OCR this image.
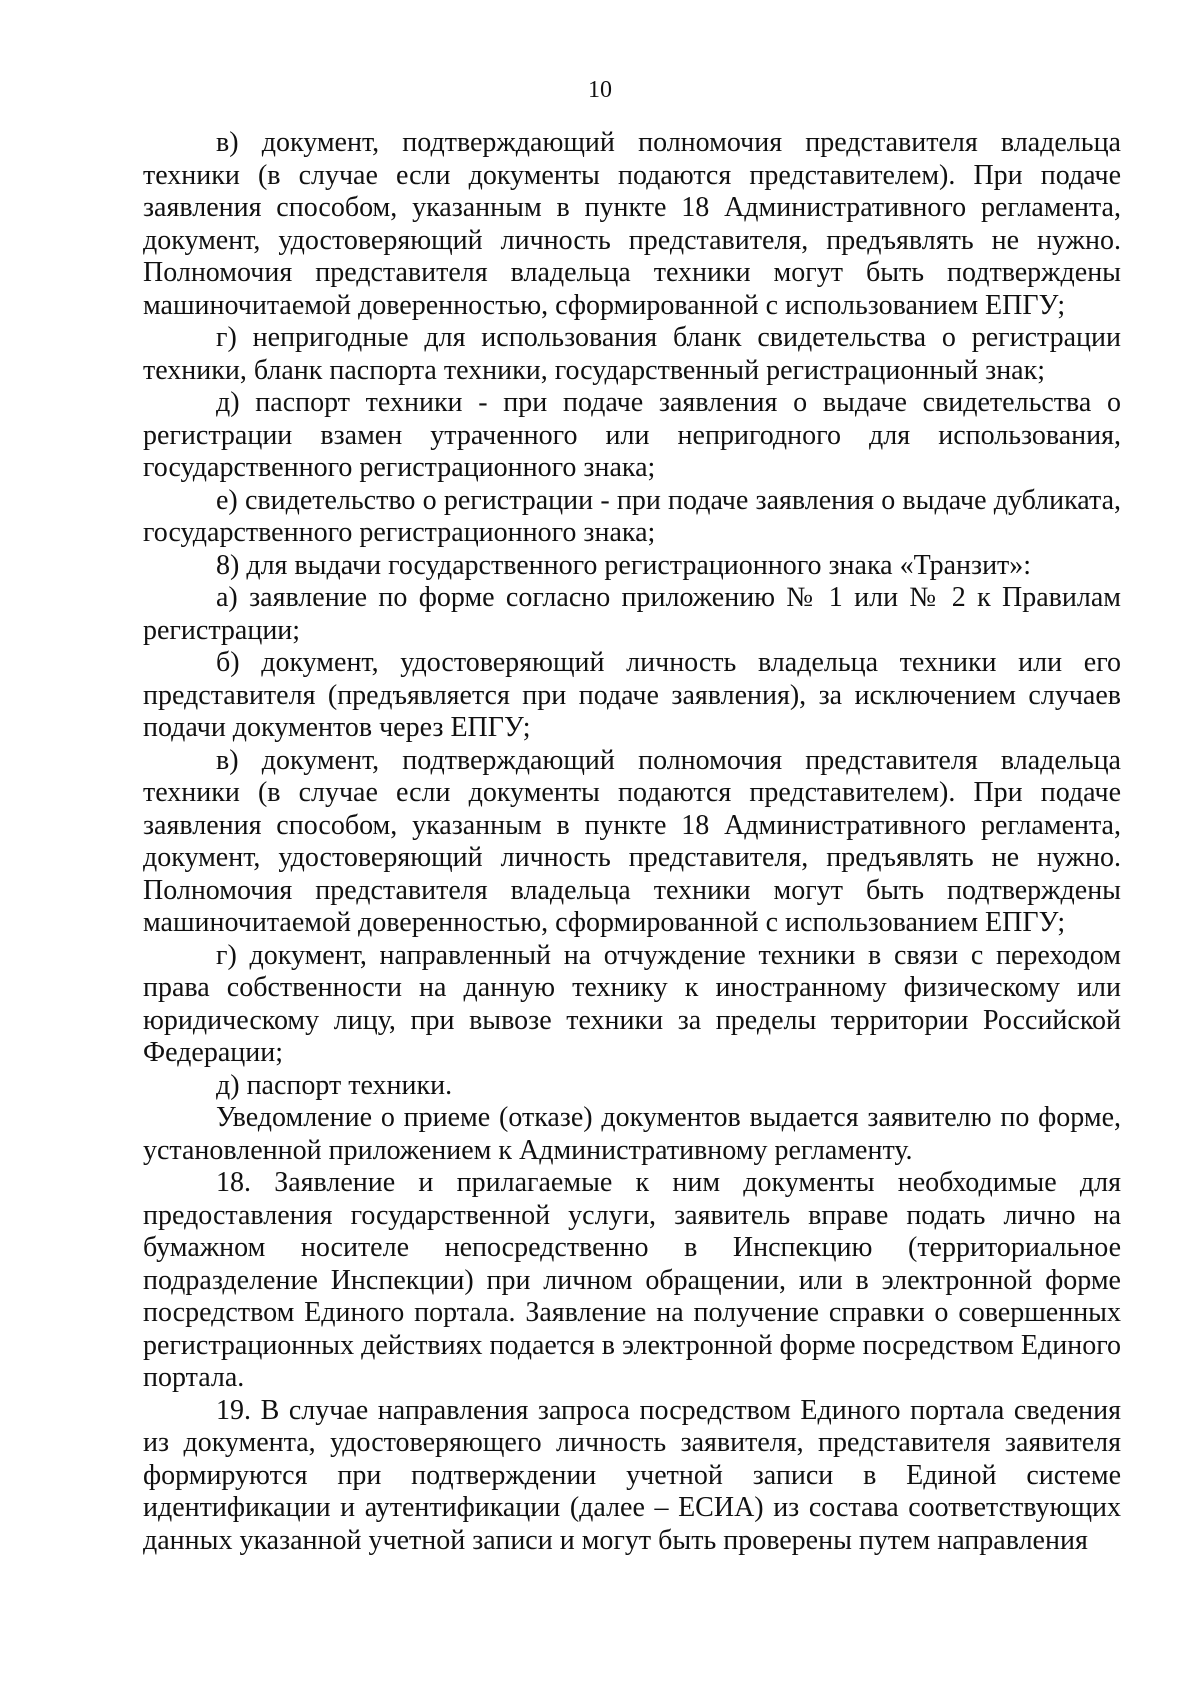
10

в) документ, подтверждающий полномочия представителя владельца техники (в случае если документы подаются представителем). При подаче заявления способом, указанным в пункте 18 Административного регламента, документ, удостоверяющий личность представителя, предъявлять не нужно. Полномочия представителя владельца техники могут быть подтверждены машиночитаемой доверенностью, сформированной с использованием ЕПГУ;

г) непригодные для использования бланк свидетельства о регистрации техники, бланк паспорта техники, государственный регистрационный знак;

д) паспорт техники - при подаче заявления о выдаче свидетельства о регистрации взамен утраченного или непригодного для использования, государственного регистрационного знака;

е) свидетельство о регистрации - при подаче заявления о выдаче дубликата, государственного регистрационного знака;

8) для выдачи государственного регистрационного знака «Транзит»:

а) заявление по форме согласно приложению № 1 или № 2 к Правилам регистрации;

б) документ, удостоверяющий личность владельца техники или его представителя (предъявляется при подаче заявления), за исключением случаев подачи документов через ЕПГУ;

в) документ, подтверждающий полномочия представителя владельца техники (в случае если документы подаются представителем). При подаче заявления способом, указанным в пункте 18 Административного регламента, документ, удостоверяющий личность представителя, предъявлять не нужно. Полномочия представителя владельца техники могут быть подтверждены машиночитаемой доверенностью, сформированной с использованием ЕПГУ;

г) документ, направленный на отчуждение техники в связи с переходом права собственности на данную технику к иностранному физическому или юридическому лицу, при вывозе техники за пределы территории Российской Федерации;

д) паспорт техники.

Уведомление о приеме (отказе) документов выдается заявителю по форме, установленной приложением к Административному регламенту.

18. Заявление и прилагаемые к ним документы необходимые для предоставления государственной услуги, заявитель вправе подать лично на бумажном носителе непосредственно в Инспекцию (территориальное подразделение Инспекции) при личном обращении, или в электронной форме посредством Единого портала. Заявление на получение справки о совершенных регистрационных действиях подается в электронной форме посредством Единого портала.

19. В случае направления запроса посредством Единого портала сведения из документа, удостоверяющего личность заявителя, представителя заявителя формируются при подтверждении учетной записи в Единой системе идентификации и аутентификации (далее – ЕСИА) из состава соответствующих данных указанной учетной записи и могут быть проверены путем направления
